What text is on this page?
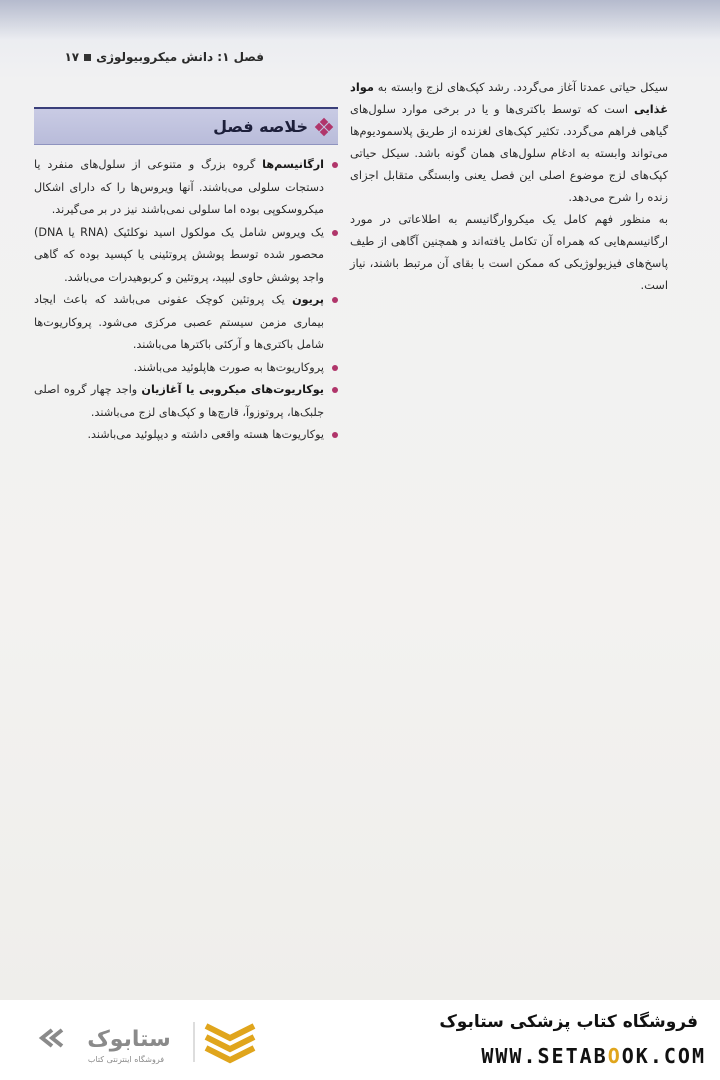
فصل ۱: دانش میکروبیولوژی
۱۷

سیکل حیاتی عمدتا آغاز می‌گردد. رشد کپک‌های لزج وابسته به مواد غذایی است که توسط باکتری‌ها و یا در برخی موارد سلول‌های گیاهی فراهم می‌گردد. تکثیر کپک‌های لغزنده از طریق پلاسمودیوم‌ها می‌تواند وابسته به ادغام سلول‌های همان گونه باشد. سیکل حیاتی کپک‌های لزج موضوع اصلی این فصل یعنی وابستگی متقابل اجزای زنده را شرح می‌دهد.

به منظور فهم کامل یک میکروارگانیسم به اطلاعاتی در مورد ارگانیسم‌هایی که همراه آن تکامل یافته‌اند و همچنین آگاهی از طیف پاسخ‌های فیزیولوژیکی که ممکن است با بقای آن مرتبط باشند، نیاز است.

خلاصه فصل
ارگانیسم‌ها گروه بزرگ و متنوعی از سلول‌های منفرد یا دستجات سلولی می‌باشند. آنها ویروس‌ها را که دارای اشکال میکروسکوپی بوده اما سلولی نمی‌باشند نیز در بر می‌گیرند.
یک ویروس شامل یک مولکول اسید نوکلئیک (RNA یا DNA) محصور شده توسط پوشش پروتئینی یا کپسید بوده که گاهی واجد پوشش حاوی لیپید، پروتئین و کربوهیدرات می‌باشد.
پریون یک پروتئین کوچک عفونی می‌باشد که باعث ایجاد بیماری مزمن سیستم عصبی مرکزی می‌شود. پروکاریوت‌ها شامل باکتری‌ها و آرکئی باکترها می‌باشند.
پروکاریوت‌ها به صورت هاپلوئید می‌باشند.
یوکاریوت‌های میکروبی یا آغازیان واجد چهار گروه اصلی جلبک‌ها، پروتوزوآ، قارچ‌ها و کپک‌های لزج می‌باشند.
یوکاریوت‌ها هسته واقعی داشته و دیپلوئید می‌باشند.
ستابوک
فروشگاه اینترنتی کتاب
فروشگاه کتاب پزشکی ستابوک
WWW.SETABOOK.COM
